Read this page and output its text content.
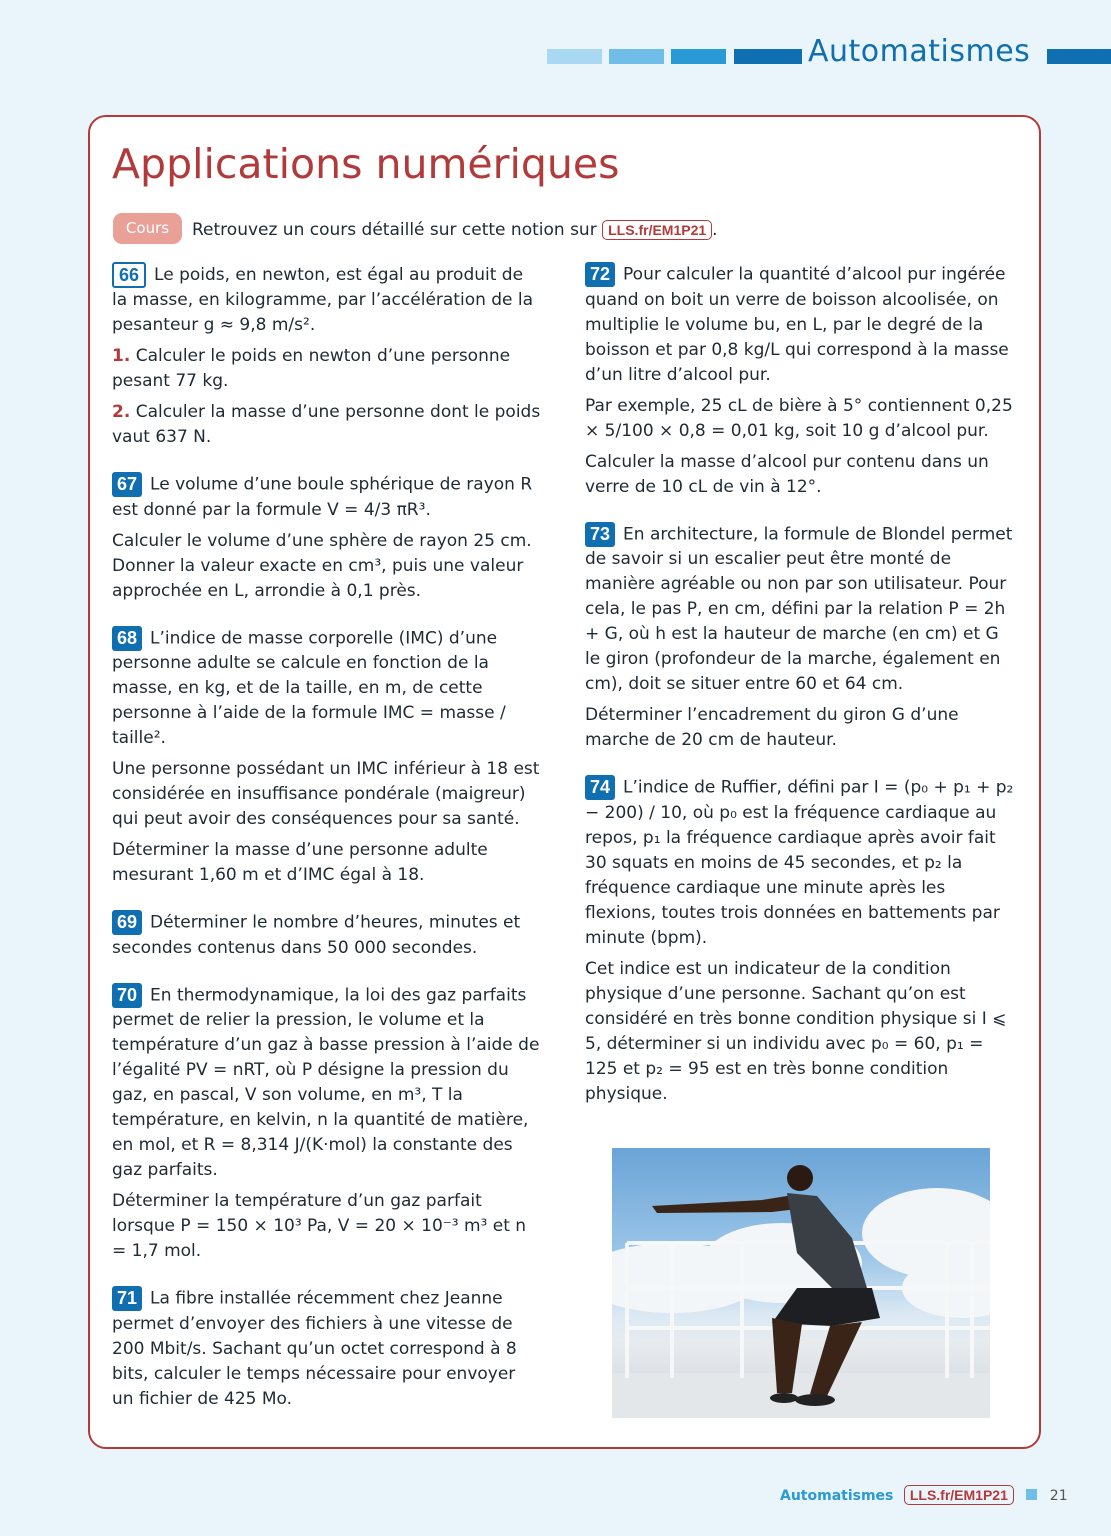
Automatismes
Applications numériques
Cours	Retrouvez un cours détaillé sur cette notion sur LLS.fr/EM1P21 .

66 Le poids, en newton, est égal au produit de la masse, en kilogramme, par l’accélération de la pesanteur g ≈ 9,8 m/s².

1. Calculer le poids en newton d’une personne pesant 77 kg.

2. Calculer la masse d’une personne dont le poids vaut 637 N.

67 Le volume d’une boule sphérique de rayon R est donné par la formule V = 4/3 πR³.

Calculer le volume d’une sphère de rayon 25 cm. Donner la valeur exacte en cm³, puis une valeur approchée en L, arrondie à 0,1 près.

68 L’indice de masse corporelle (IMC) d’une personne adulte se calcule en fonction de la masse, en kg, et de la taille, en m, de cette personne à l’aide de la formule IMC = masse / taille².

Une personne possédant un IMC inférieur à 18 est considérée en insuffisance pondérale (maigreur) qui peut avoir des conséquences pour sa santé.

Déterminer la masse d’une personne adulte mesurant 1,60 m et d’IMC égal à 18.

69 Déterminer le nombre d’heures, minutes et secondes contenus dans 50 000 secondes.

70 En thermodynamique, la loi des gaz parfaits permet de relier la pression, le volume et la température d’un gaz à basse pression à l’aide de l’égalité PV = nRT, où P désigne la pression du gaz, en pascal, V son volume, en m³, T la température, en kelvin, n la quantité de matière, en mol, et R = 8,314 J/(K·mol) la constante des gaz parfaits.

Déterminer la température d’un gaz parfait lorsque P = 150 × 10³ Pa, V = 20 × 10⁻³ m³ et n = 1,7 mol.

71 La fibre installée récemment chez Jeanne permet d’envoyer des fichiers à une vitesse de 200 Mbit/s. Sachant qu’un octet correspond à 8 bits, calculer le temps nécessaire pour envoyer un fichier de 425 Mo.

72 Pour calculer la quantité d’alcool pur ingérée quand on boit un verre de boisson alcoolisée, on multiplie le volume bu, en L, par le degré de la boisson et par 0,8 kg/L qui correspond à la masse d’un litre d’alcool pur.

Par exemple, 25 cL de bière à 5° contiennent 0,25 × 5/100 × 0,8 = 0,01 kg, soit 10 g d’alcool pur.

Calculer la masse d’alcool pur contenu dans un verre de 10 cL de vin à 12°.

73 En architecture, la formule de Blondel permet de savoir si un escalier peut être monté de manière agréable ou non par son utilisateur. Pour cela, le pas P, en cm, défini par la relation P = 2h + G, où h est la hauteur de marche (en cm) et G le giron (profondeur de la marche, également en cm), doit se situer entre 60 et 64 cm.

Déterminer l’encadrement du giron G d’une marche de 20 cm de hauteur.

74 L’indice de Ruffier, défini par I = (p₀ + p₁ + p₂ − 200) / 10, où p₀ est la fréquence cardiaque au repos, p₁ la fréquence cardiaque après avoir fait 30 squats en moins de 45 secondes, et p₂ la fréquence cardiaque une minute après les flexions, toutes trois données en battements par minute (bpm).

Cet indice est un indicateur de la condition physique d’une personne. Sachant qu’on est considéré en très bonne condition physique si I ⩽ 5, déterminer si un individu avec p₀ = 60, p₁ = 125 et p₂ = 95 est en très bonne condition physique.

Automatismes LLS.fr/EM1P21	21
